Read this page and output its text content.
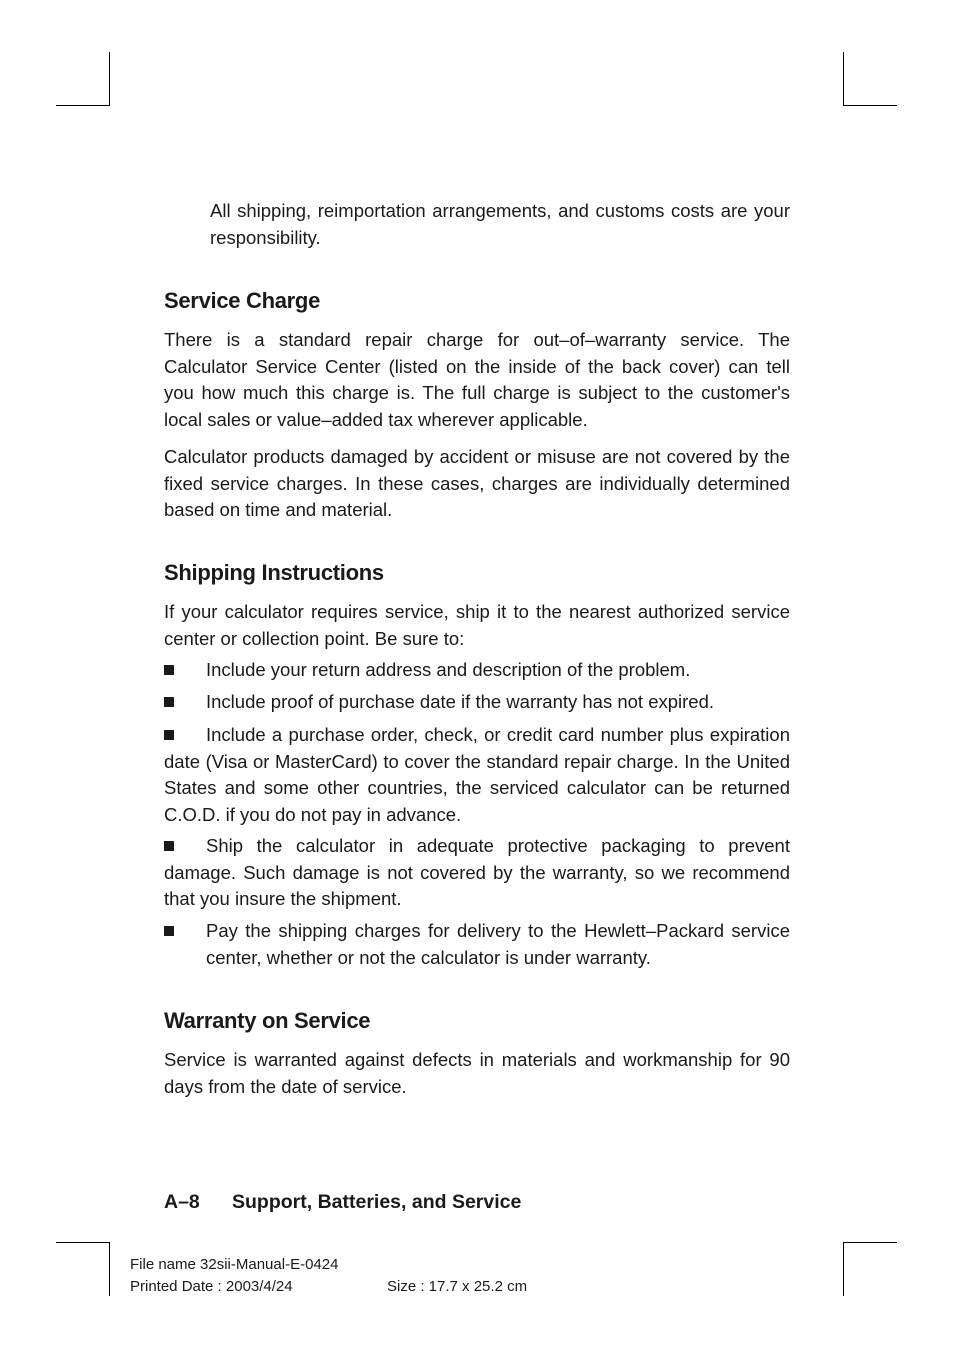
All shipping, reimportation arrangements, and customs costs are your responsibility.

Service Charge

There is a standard repair charge for out–of–warranty service. The Calculator Service Center (listed on the inside of the back cover) can tell you how much this charge is. The full charge is subject to the customer's local sales or value–added tax wherever applicable.

Calculator products damaged by accident or misuse are not covered by the fixed service charges. In these cases, charges are individually determined based on time and material.

Shipping Instructions

If your calculator requires service, ship it to the nearest authorized service center or collection point. Be sure to:

Include your return address and description of the problem.
Include proof of purchase date if the warranty has not expired.
Include a purchase order, check, or credit card number plus expiration date (Visa or MasterCard) to cover the standard repair charge. In the United States and some other countries, the serviced calculator can be returned C.O.D. if you do not pay in advance.
Ship the calculator in adequate protective packaging to prevent damage. Such damage is not covered by the warranty, so we recommend that you insure the shipment.
Pay the shipping charges for delivery to the Hewlett–Packard service center, whether or not the calculator is under warranty.
Warranty on Service

Service is warranted against defects in materials and workmanship for 90 days from the date of service.

A–8 Support, Batteries, and Service
File name 32sii-Manual-E-0424
Printed Date : 2003/4/24	Size : 17.7 x 25.2 cm
